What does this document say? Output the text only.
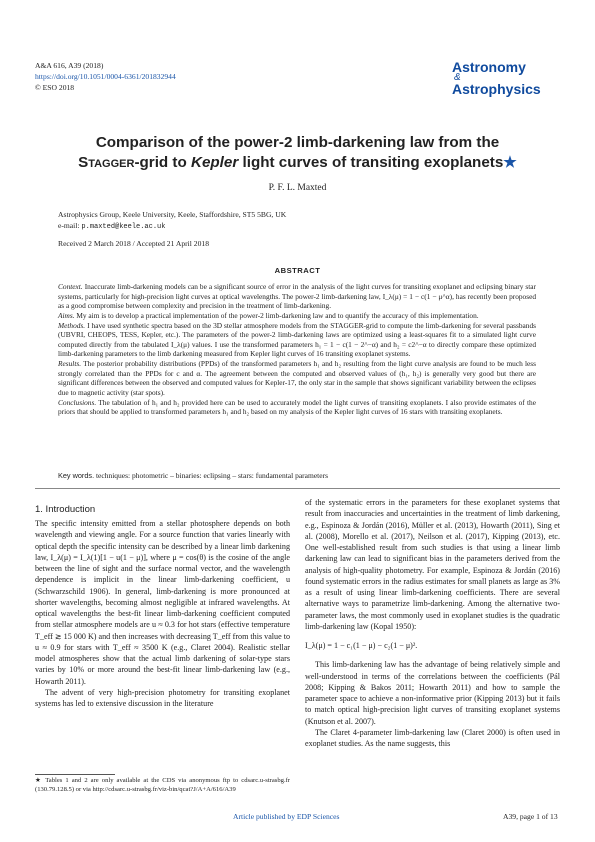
A&A 616, A39 (2018)
https://doi.org/10.1051/0004-6361/201832944
© ESO 2018
Astronomy
&
Astrophysics
Comparison of the power-2 limb-darkening law from the
Stagger-grid to Kepler light curves of transiting exoplanets★
P. F. L. Maxted
Astrophysics Group, Keele University, Keele, Staffordshire, ST5 5BG, UK
e-mail: p.maxted@keele.ac.uk
Received 2 March 2018 / Accepted 21 April 2018
ABSTRACT

Context. Inaccurate limb-darkening models can be a significant source of error in the analysis of the light curves for transiting exoplanet and eclipsing binary star systems, particularly for high-precision light curves at optical wavelengths. The power-2 limb-darkening law, I_λ(μ) = 1 − c(1 − μ^α), has recently been proposed as a good compromise between complexity and precision in the treatment of limb-darkening.

Aims. My aim is to develop a practical implementation of the power-2 limb-darkening law and to quantify the accuracy of this implementation.

Methods. I have used synthetic spectra based on the 3D stellar atmosphere models from the STAGGER-grid to compute the limb-darkening for several passbands (UBVRI, CHEOPS, TESS, Kepler, etc.). The parameters of the power-2 limb-darkening laws are optimized using a least-squares fit to a simulated light curve computed directly from the tabulated I_λ(μ) values. I use the transformed parameters h₁ = 1 − c(1 − 2^−α) and h₂ = c2^−α to directly compare these optimized limb-darkening parameters to the limb darkening measured from Kepler light curves of 16 transiting exoplanet systems.

Results. The posterior probability distributions (PPDs) of the transformed parameters h₁ and h₂ resulting from the light curve analysis are found to be much less strongly correlated than the PPDs for c and α. The agreement between the computed and observed values of (h₁, h₂) is generally very good but there are significant differences between the observed and computed values for Kepler-17, the only star in the sample that shows significant variability between the eclipses due to magnetic activity (star spots).

Conclusions. The tabulation of h₁ and h₂ provided here can be used to accurately model the light curves of transiting exoplanets. I also provide estimates of the priors that should be applied to transformed parameters h₁ and h₂ based on my analysis of the Kepler light curves of 16 stars with transiting exoplanets.

Key words. techniques: photometric – binaries: eclipsing – stars: fundamental parameters
1. Introduction

The specific intensity emitted from a stellar photosphere depends on both wavelength and viewing angle. For a source function that varies linearly with optical depth the specific intensity can be described by a linear limb darkening law, I_λ(μ) = I_λ(1)[1 − u(1 − μ)], where μ = cos(θ) is the cosine of the angle between the line of sight and the surface normal vector, and the wavelength dependence is implicit in the linear limb-darkening coefficient, u (Schwarzschild 1906). In general, limb-darkening is more pronounced at shorter wavelengths, becoming almost negligible at infrared wavelengths. At optical wavelengths the best-fit linear limb-darkening coefficient computed from stellar atmosphere models are u ≈ 0.3 for hot stars (effective temperature T_eff ≳ 15 000 K) and then increases with decreasing T_eff from this value to u ≈ 0.9 for stars with T_eff ≈ 3500 K (e.g., Claret 2004). Realistic stellar model atmospheres show that the actual limb darkening of solar-type stars varies by 10% or more around the best-fit linear limb-darkening law (e.g., Howarth 2011).

The advent of very high-precision photometry for transiting exoplanet systems has led to extensive discussion in the literature

of the systematic errors in the parameters for these exoplanet systems that result from inaccuracies and uncertainties in the treatment of limb darkening, e.g., Espinoza & Jordán (2016), Müller et al. (2013), Howarth (2011), Sing et al. (2008), Morello et al. (2017), Neilson et al. (2017), Kipping (2013), etc. One well-established result from such studies is that using a linear limb darkening law can lead to significant bias in the parameters derived from the analysis of high-quality photometry. For example, Espinoza & Jordán (2016) found systematic errors in the radius estimates for small planets as large as 3% as a result of using linear limb-darkening coefficients. There are several alternative ways to parametrize limb-darkening. Among the alternative two-parameter laws, the most commonly used in exoplanet studies is the quadratic limb-darkening law (Kopal 1950):

I_λ(μ) = 1 − c₁(1 − μ) − c₂(1 − μ)².

This limb-darkening law has the advantage of being relatively simple and well-understood in terms of the correlations between the coefficients (Pál 2008; Kipping & Bakos 2011; Howarth 2011) and how to sample the parameter space to achieve a non-informative prior (Kipping 2013) but it fails to match optical high-precision light curves of transiting exoplanet systems (Knutson et al. 2007).

The Claret 4-parameter limb-darkening law (Claret 2000) is often used in exoplanet studies. As the name suggests, this

★ Tables 1 and 2 are only available at the CDS via anonymous ftp to cdsarc.u-strasbg.fr (130.79.128.5) or via http://cdsarc.u-strasbg.fr/viz-bin/qcat?J/A+A/616/A39
Article published by EDP Sciences	A39, page 1 of 13
